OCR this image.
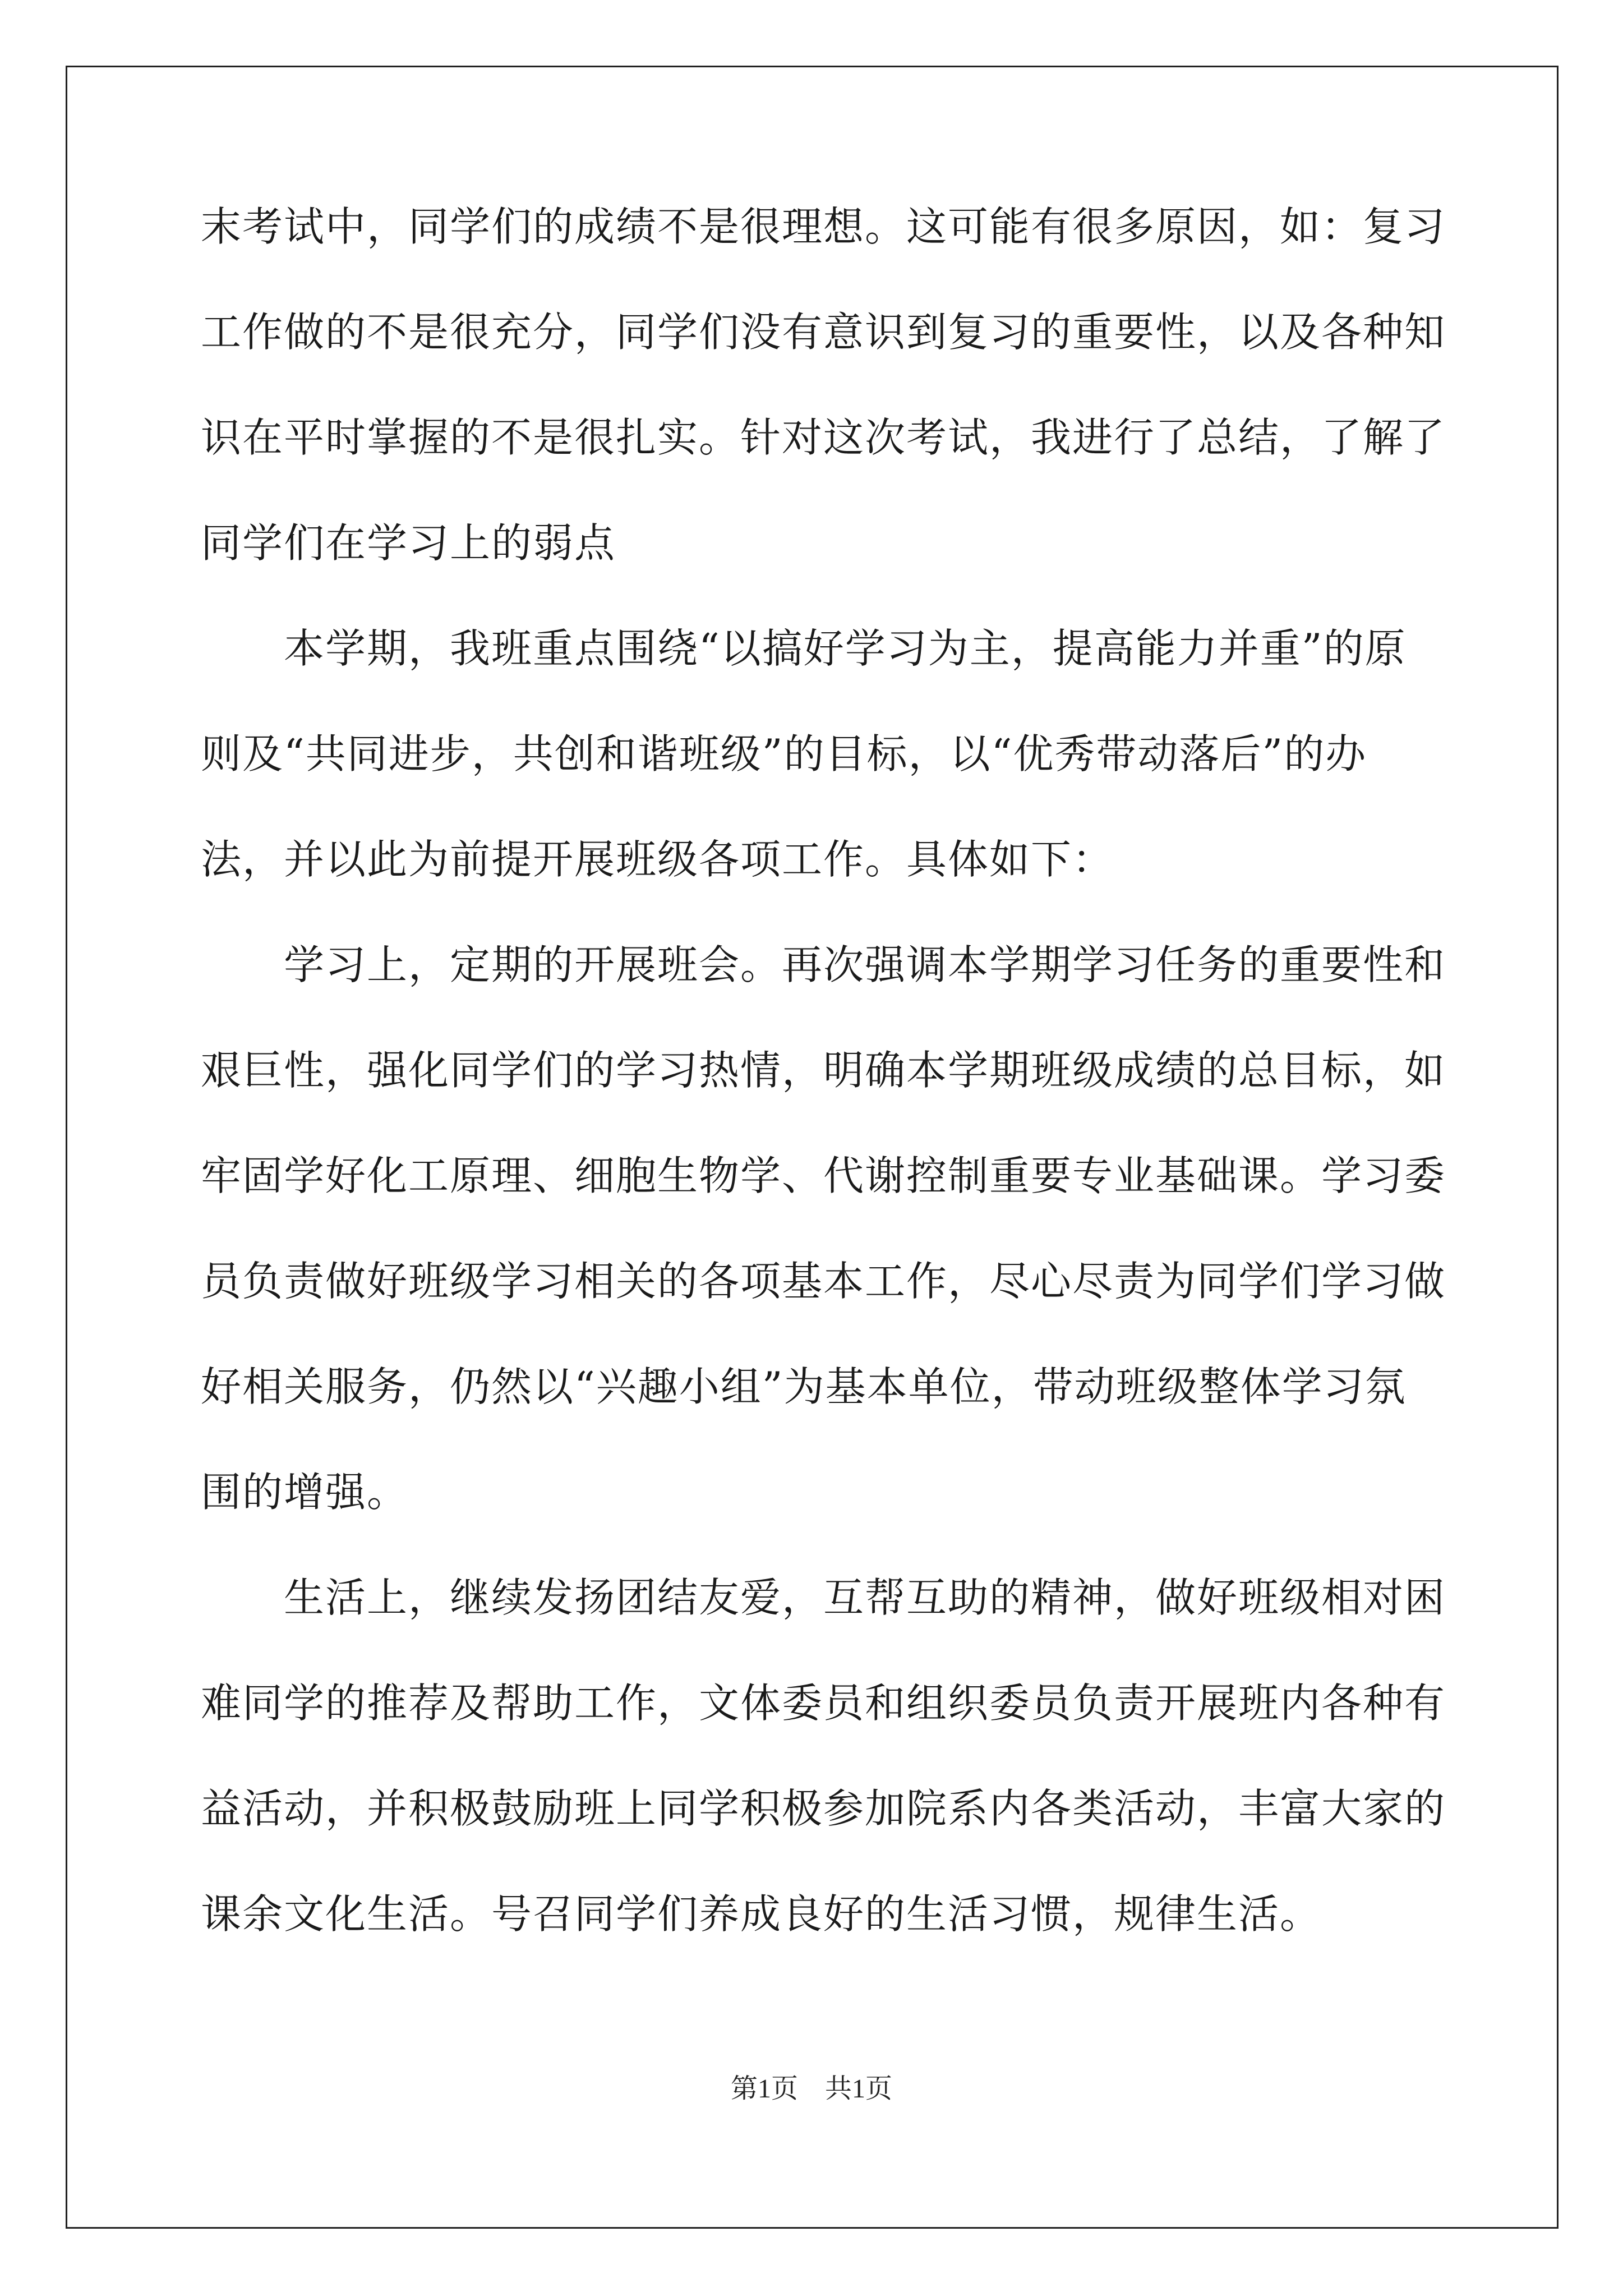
末考试中，同学们的成绩不是很理想。这可能有很多原因，如：复习
工作做的不是很充分，同学们没有意识到复习的重要性，以及各种知
识在平时掌握的不是很扎实。针对这次考试，我进行了总结，了解了
同学们在学习上的弱点
本学期，我班重点围绕“以搞好学习为主，提高能力并重”的原
则及“共同进步，共创和谐班级”的目标，以“优秀带动落后”的办
法，并以此为前提开展班级各项工作。具体如下：
学习上，定期的开展班会。再次强调本学期学习任务的重要性和
艰巨性，强化同学们的学习热情，明确本学期班级成绩的总目标，如
牢固学好化工原理、细胞生物学、代谢控制重要专业基础课。学习委
员负责做好班级学习相关的各项基本工作，尽心尽责为同学们学习做
好相关服务，仍然以“兴趣小组”为基本单位，带动班级整体学习氛
围的增强。
生活上，继续发扬团结友爱，互帮互助的精神，做好班级相对困
难同学的推荐及帮助工作，文体委员和组织委员负责开展班内各种有
益活动，并积极鼓励班上同学积极参加院系内各类活动，丰富大家的
课余文化生活。号召同学们养成良好的生活习惯，规律生活。
第1页　共1页
